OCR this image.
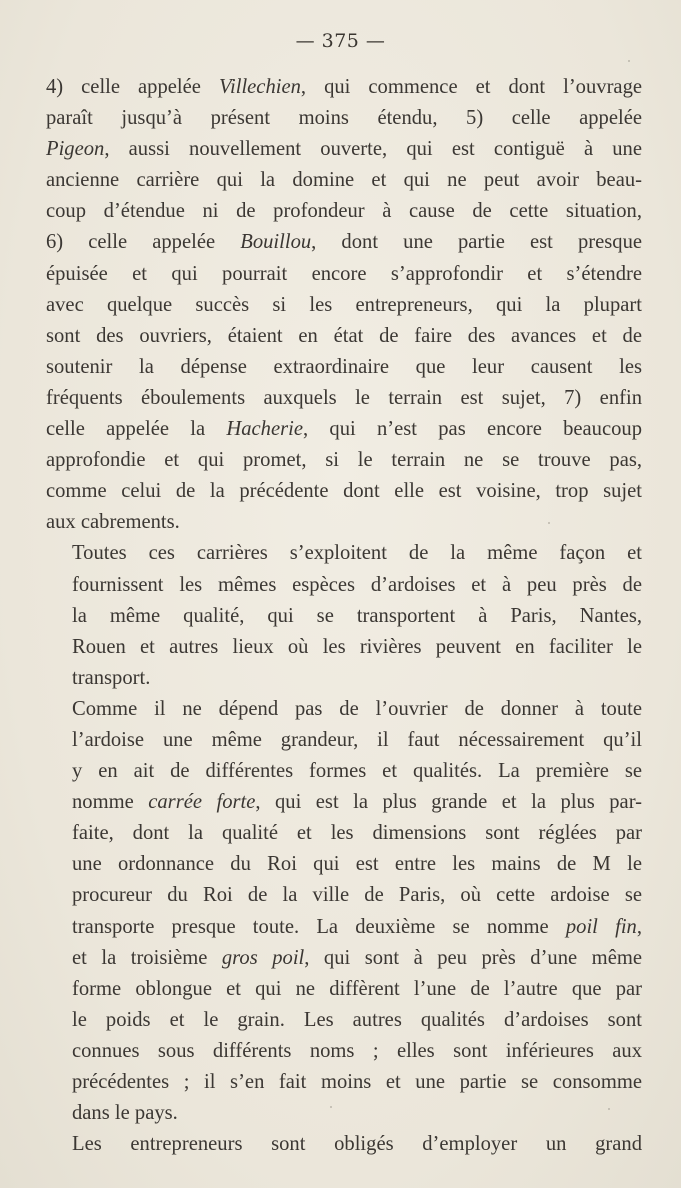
— 375 —
4) celle appelée Villechien, qui commence et dont l’ouvrage
paraît jusqu’à présent moins étendu, 5) celle appelée
Pigeon, aussi nouvellement ouverte, qui est contiguë à une
ancienne carrière qui la domine et qui ne peut avoir beau-
coup d’étendue ni de profondeur à cause de cette situation,
6) celle appelée Bouillou, dont une partie est presque
épuisée et qui pourrait encore s’approfondir et s’étendre
avec quelque succès si les entrepreneurs, qui la plupart
sont des ouvriers, étaient en état de faire des avances et de
soutenir la dépense extraordinaire que leur causent les
fréquents éboulements auxquels le terrain est sujet, 7) enfin
celle appelée la Hacherie, qui n’est pas encore beaucoup
approfondie et qui promet, si le terrain ne se trouve pas,
comme celui de la précédente dont elle est voisine, trop sujet
aux cabrements.
Toutes ces carrières s’exploitent de la même façon et
fournissent les mêmes espèces d’ardoises et à peu près de
la même qualité, qui se transportent à Paris, Nantes,
Rouen et autres lieux où les rivières peuvent en faciliter le
transport.
Comme il ne dépend pas de l’ouvrier de donner à toute
l’ardoise une même grandeur, il faut nécessairement qu’il
y en ait de différentes formes et qualités. La première se
nomme carrée forte, qui est la plus grande et la plus par-
faite, dont la qualité et les dimensions sont réglées par
une ordonnance du Roi qui est entre les mains de M le
procureur du Roi de la ville de Paris, où cette ardoise se
transporte presque toute. La deuxième se nomme poil fin,
et la troisième gros poil, qui sont à peu près d’une même
forme oblongue et qui ne diffèrent l’une de l’autre que par
le poids et le grain. Les autres qualités d’ardoises sont
connues sous différents noms ; elles sont inférieures aux
précédentes ; il s’en fait moins et une partie se consomme
dans le pays.
Les entrepreneurs sont obligés d’employer un grand
